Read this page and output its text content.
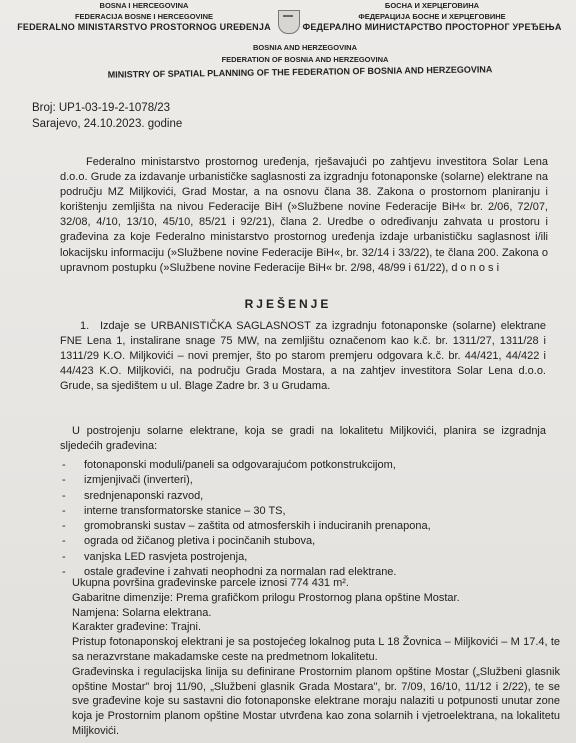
BOSNA I HERCEGOVINA
FEDERACIJA BOSNE I HERCEGOVINE
FEDERALNO MINISTARSTVO PROSTORNOG UREĐENJA
БОСНА И ХЕРЦЕГОВИНА
ФЕДЕРАЦИЈА БОСНЕ И ХЕРЦЕГОВИНЕ
ФЕДЕРАЛНО МИНИСТАРСТВО ПРОСТОРНОГ УРЕЂЕЊА
BOSNIA AND HERZEGOVINA
FEDERATION OF BOSNIA AND HERZEGOVINA
MINISTRY OF SPATIAL PLANNING OF THE FEDERATION OF BOSNIA AND HERZEGOVINA
Broj: UP1-03-19-2-1078/23
Sarajevo, 24.10.2023. godine
Federalno ministarstvo prostornog uređenja, rješavajući po zahtjevu investitora Solar Lena d.o.o. Grude za izdavanje urbanističke saglasnosti za izgradnju fotonaponske (solarne) elektrane na području MZ Miljkovići, Grad Mostar, a na osnovu člana 38. Zakona o prostornom planiranju i korištenju zemljišta na nivou Federacije BiH (»Službene novine Federacije BiH« br. 2/06, 72/07, 32/08, 4/10, 13/10, 45/10, 85/21 i 92/21), člana 2. Uredbe o određivanju zahvata u prostoru i građevina za koje Federalno ministarstvo prostornog uređenja izdaje urbanističku saglasnost i/ili lokacijsku informaciju (»Službene novine Federacije BiH«, br. 32/14 i 33/22), te člana 200. Zakona o upravnom postupku (»Službene novine Federacije BiH« br. 2/98, 48/99 i 61/22), d o n o s i
RJEŠENJE
1. Izdaje se URBANISTIČKA SAGLASNOST za izgradnju fotonaponske (solarne) elektrane FNE Lena 1, instalirane snage 75 MW, na zemljištu označenom kao k.č. br. 1311/27, 1311/28 i 1311/29 K.O. Miljkovići – novi premjer, što po starom premjeru odgovara k.č. br. 44/421, 44/422 i 44/423 K.O. Miljkovići, na području Grada Mostara, a na zahtjev investitora Solar Lena d.o.o. Grude, sa sjedištem u ul. Blage Zadre br. 3 u Grudama.
U postrojenju solarne elektrane, koja se gradi na lokalitetu Miljkovići, planira se izgradnja sljedećih građevina:
- fotonaponski moduli/paneli sa odgovarajućom potkonstrukcijom,
- izmjenjivači (inverteri),
- srednjenaponski razvod,
- interne transformatorske stanice – 30 TS,
- gromobranski sustav – zaštita od atmosferskih i induciranih prenapona,
- ograda od žičanog pletiva i pocinčanih stubova,
- vanjska LED rasvjeta postrojenja,
- ostale građevine i zahvati neophodni za normalan rad elektrane.

Ukupna površina građevinske parcele iznosi 774 431 m².

Gabaritne dimenzije: Prema grafičkom prilogu Prostornog plana opštine Mostar.

Namjena: Solarna elektrana.

Karakter građevine: Trajni.

Pristup fotonaponskoj elektrani je sa postojećeg lokalnog puta L 18 Žovnica – Miljkovići – M 17.4, te sa nerazvrstane makadamske ceste na predmetnom lokalitetu.

Građevinska i regulacijska linija su definirane Prostornim planom opštine Mostar („Službeni glasnik opštine Mostar" broj 11/90, „Službeni glasnik Grada Mostara", br. 7/09, 16/10, 11/12 i 2/22), te se sve građevine koje su sastavni dio fotonaponske elektrane moraju nalaziti u potpunosti unutar zone koja je Prostornim planom opštine Mostar utvrđena kao zona solarnih i vjetroelektrana, na lokalitetu Miljkovići.
